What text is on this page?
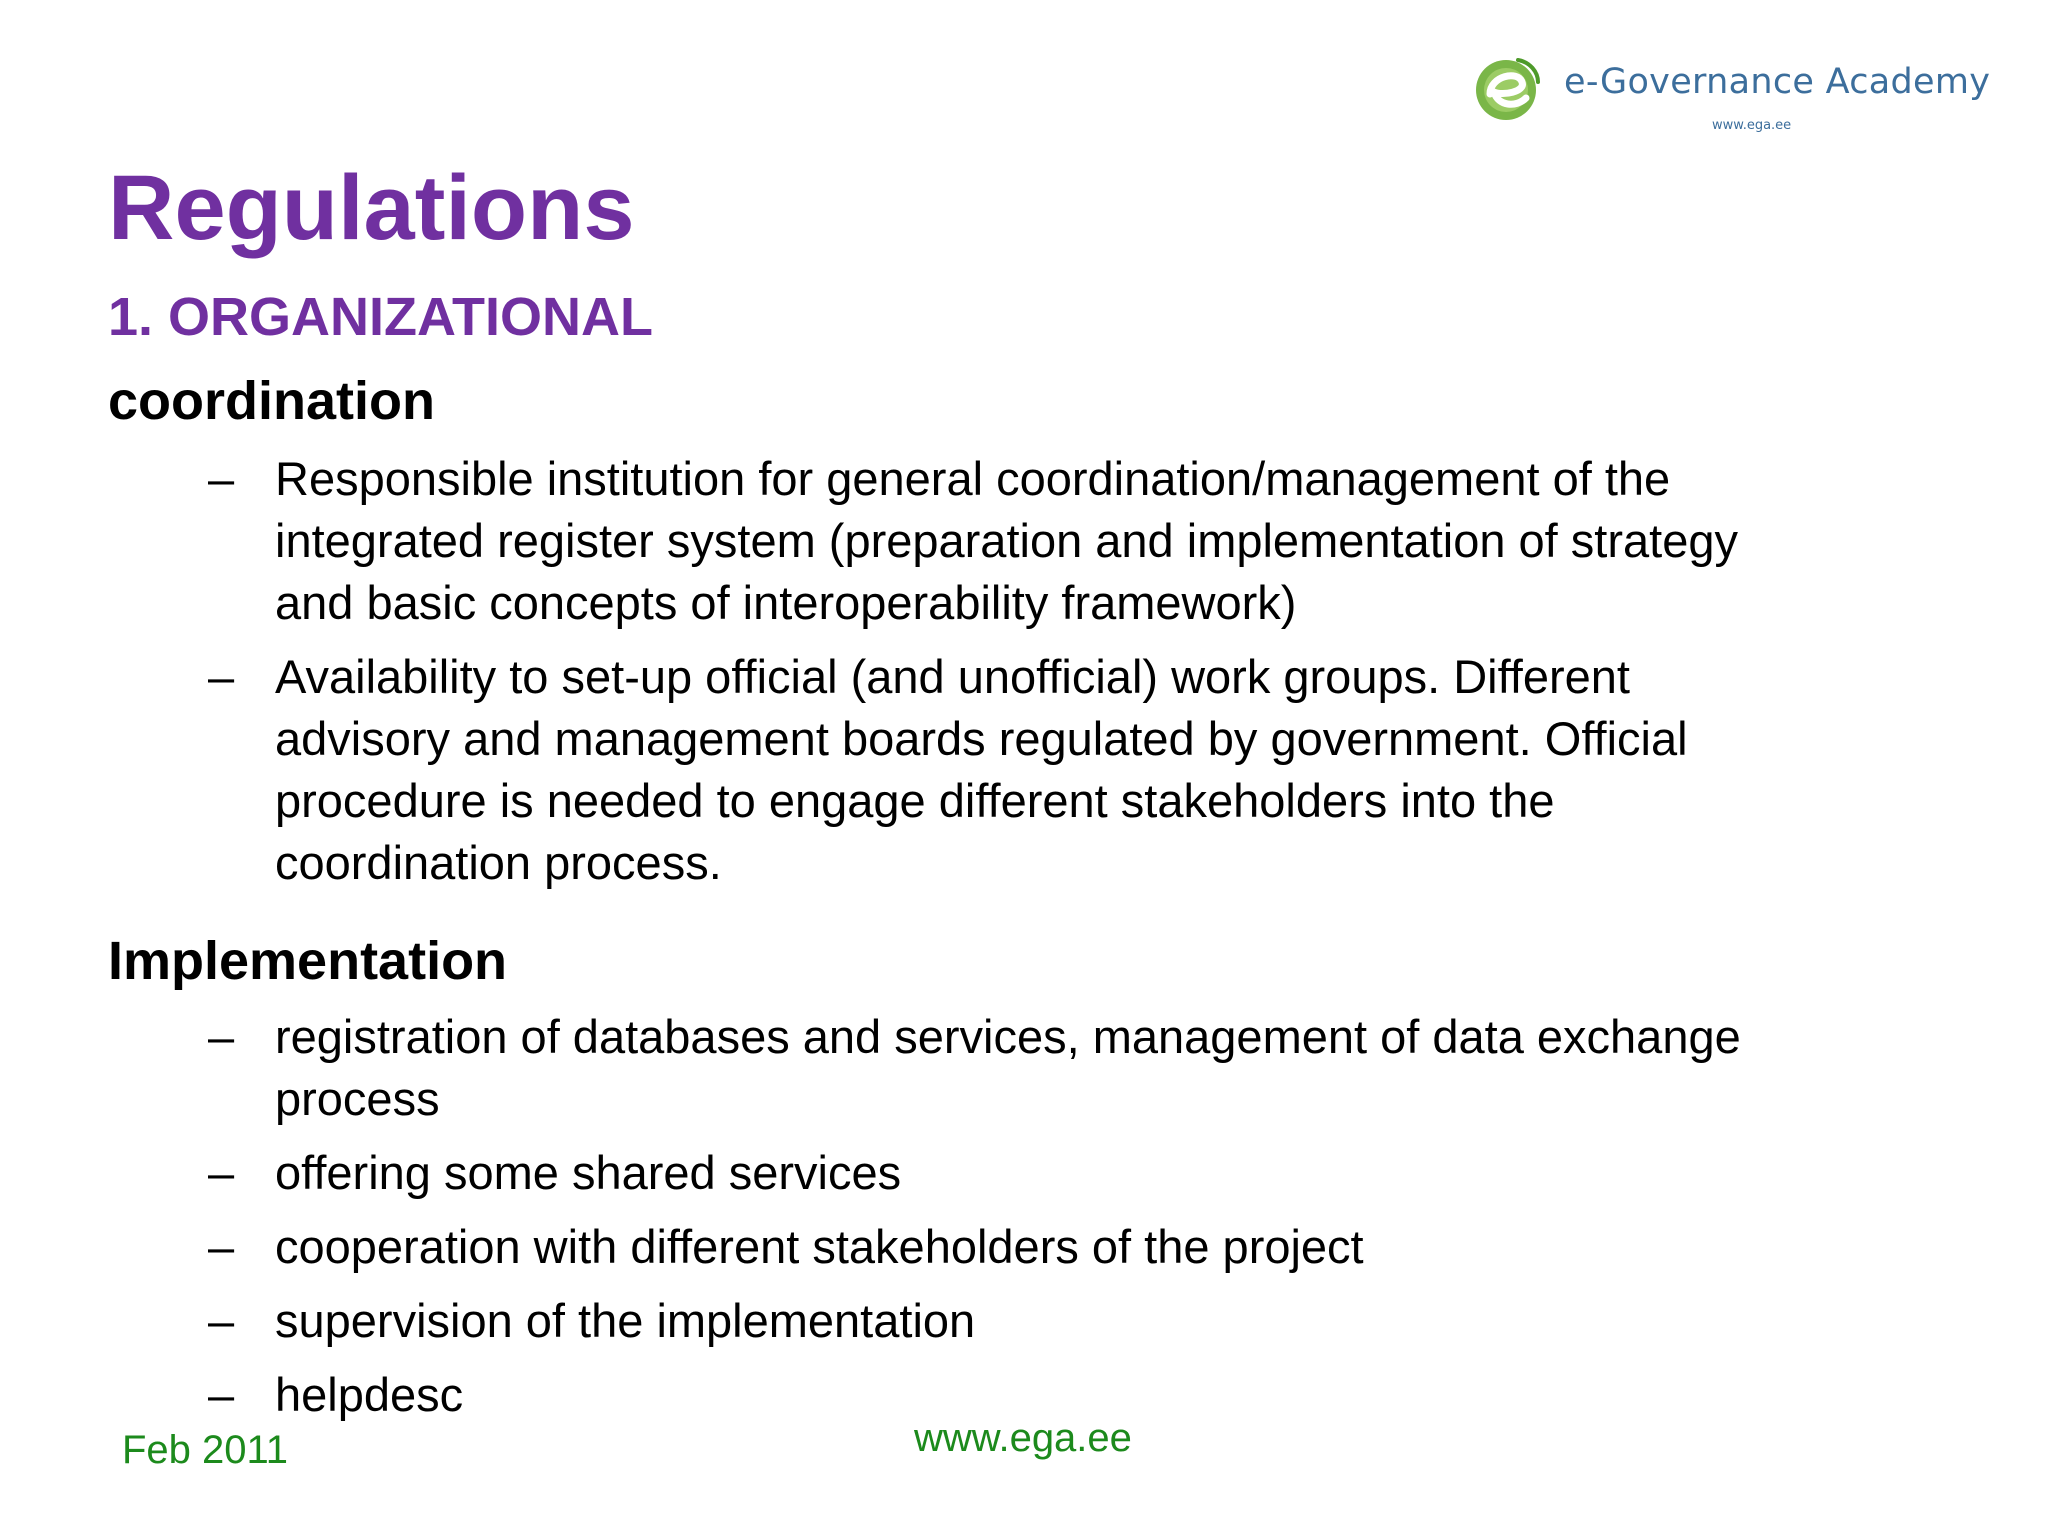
e-Governance Academy
www.ega.ee
Regulations
1. ORGANIZATIONAL
coordination
– Responsible institution for general coordination/management of the integrated register system (preparation and implementation of strategy and basic concepts of interoperability framework)
– Availability to set-up official (and unofficial) work groups. Different advisory and management boards regulated by government. Official procedure is needed to engage different stakeholders into the coordination process.
Implementation
– registration of databases and services, management of data exchange process
– offering some shared services
– cooperation with different stakeholders of the project
– supervision of the implementation
– helpdesc
Feb 2011	www.ega.ee
